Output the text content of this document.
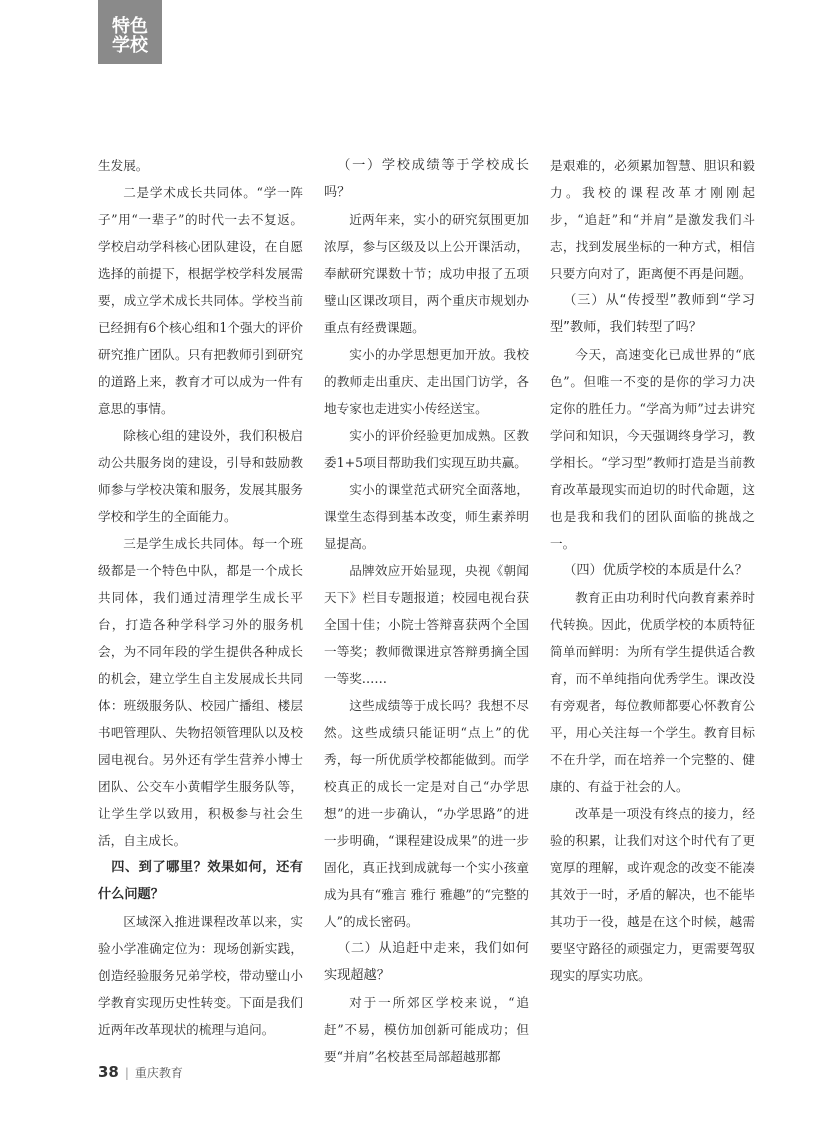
特色
学校

生发展。

二是学术成长共同体。“学一阵子”用“一辈子”的时代一去不复返。学校启动学科核心团队建设，在自愿选择的前提下，根据学校学科发展需要，成立学术成长共同体。学校当前已经拥有6个核心组和1个强大的评价研究推广团队。只有把教师引到研究的道路上来，教育才可以成为一件有意思的事情。

除核心组的建设外，我们积极启动公共服务岗的建设，引导和鼓励教师参与学校决策和服务，发展其服务学校和学生的全面能力。

三是学生成长共同体。每一个班级都是一个特色中队，都是一个成长共同体，我们通过清理学生成长平台，打造各种学科学习外的服务机会，为不同年段的学生提供各种成长的机会，建立学生自主发展成长共同体：班级服务队、校园广播组、楼层书吧管理队、失物招领管理队以及校园电视台。另外还有学生营养小博士团队、公交车小黄帽学生服务队等，让学生学以致用，积极参与社会生活，自主成长。

四、到了哪里？效果如何，还有什么问题？

区域深入推进课程改革以来，实验小学准确定位为：现场创新实践，创造经验服务兄弟学校，带动璧山小学教育实现历史性转变。下面是我们近两年改革现状的梳理与追问。

（一）学校成绩等于学校成长吗？

近两年来，实小的研究氛围更加浓厚，参与区级及以上公开课活动，奉献研究课数十节；成功申报了五项璧山区课改项目，两个重庆市规划办重点有经费课题。

实小的办学思想更加开放。我校的教师走出重庆、走出国门访学，各地专家也走进实小传经送宝。

实小的评价经验更加成熟。区教委1+5项目帮助我们实现互助共赢。

实小的课堂范式研究全面落地，课堂生态得到基本改变，师生素养明显提高。

品牌效应开始显现，央视《朝闻天下》栏目专题报道；校园电视台获全国十佳；小院士答辩喜获两个全国一等奖；教师微课进京答辩勇摘全国一等奖……

这些成绩等于成长吗？我想不尽然。这些成绩只能证明“点上”的优秀，每一所优质学校都能做到。而学校真正的成长一定是对自己“办学思想”的进一步确认，“办学思路”的进一步明确，“课程建设成果”的进一步固化，真正找到成就每一个实小孩童成为具有“雅言 雅行 雅趣”的“完整的人”的成长密码。

（二）从追赶中走来，我们如何实现超越？

对于一所郊区学校来说，“追赶”不易，模仿加创新可能成功；但要“并肩”名校甚至局部超越那都

是艰难的，必须累加智慧、胆识和毅力。我校的课程改革才刚刚起步，“追赶”和“并肩”是激发我们斗志，找到发展坐标的一种方式，相信只要方向对了，距离便不再是问题。

（三）从“传授型”教师到“学习型”教师，我们转型了吗？

今天，高速变化已成世界的“底色”。但唯一不变的是你的学习力决定你的胜任力。“学高为师”过去讲究学问和知识，今天强调终身学习，教学相长。“学习型”教师打造是当前教育改革最现实而迫切的时代命题，这也是我和我们的团队面临的挑战之一。

（四）优质学校的本质是什么？

教育正由功利时代向教育素养时代转换。因此，优质学校的本质特征简单而鲜明：为所有学生提供适合教育，而不单纯指向优秀学生。课改没有旁观者，每位教师都要心怀教育公平，用心关注每一个学生。教育目标不在升学，而在培养一个完整的、健康的、有益于社会的人。

改革是一项没有终点的接力，经验的积累，让我们对这个时代有了更宽厚的理解，或许观念的改变不能凑其效于一时，矛盾的解决，也不能毕其功于一役，越是在这个时候，越需要坚守路径的顽强定力，更需要驾驭现实的厚实功底。

38 | 重庆教育
